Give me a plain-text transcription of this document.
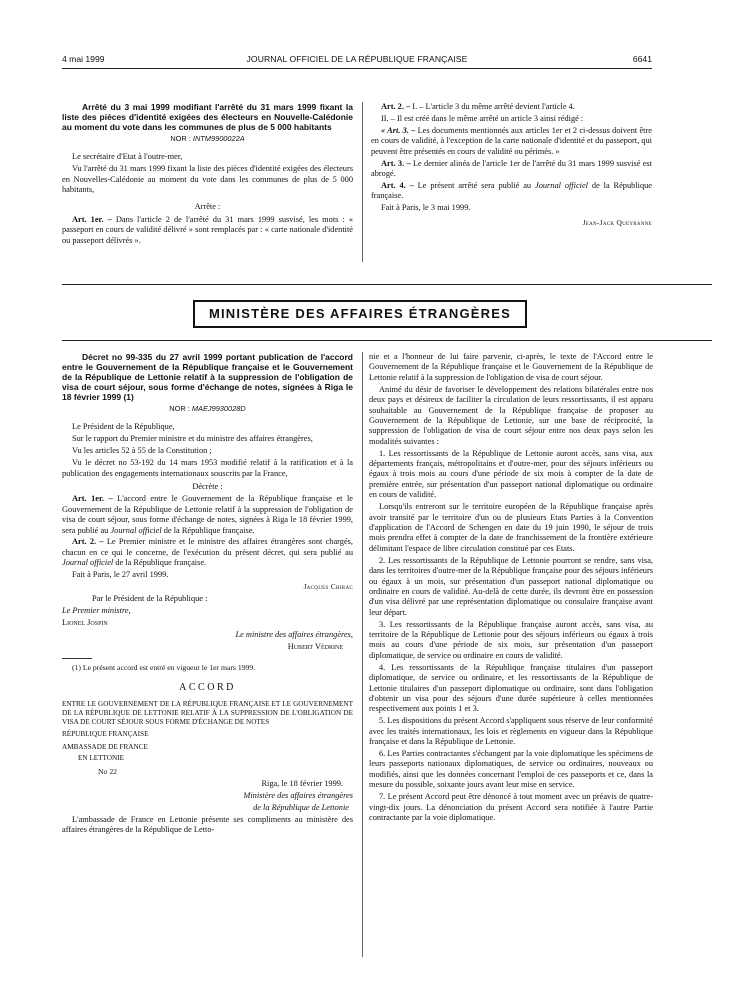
4 mai 1999	JOURNAL OFFICIEL DE LA RÉPUBLIQUE FRANÇAISE	6641

Arrêté du 3 mai 1999 modifiant l'arrêté du 31 mars 1999 fixant la liste des pièces d'identité exigées des électeurs en Nouvelle-Calédonie au moment du vote dans les communes de plus de 5 000 habitants

NOR : INTM9900022A

Le secrétaire d'Etat à l'outre-mer,

Vu l'arrêté du 31 mars 1999 fixant la liste des pièces d'identité exigées des électeurs en Nouvelles-Calédonie au moment du vote dans les communes de plus de 5 000 habitants,

Arrête :

Art. 1er. – Dans l'article 2 de l'arrêté du 31 mars 1999 susvisé, les mots : « passeport en cours de validité délivré » sont remplacés par : « carte nationale d'identité ou passeport délivrés ».

Art. 2. – I. – L'article 3 du même arrêté devient l'article 4.

II. – Il est créé dans le même arrêté un article 3 ainsi rédigé :

« Art. 3. – Les documents mentionnés aux articles 1er et 2 ci-dessus doivent être en cours de validité, à l'exception de la carte nationale d'identité et du passeport, qui peuvent être présentés en cours de validité ou périmés. »

Art. 3. – Le dernier alinéa de l'article 1er de l'arrêté du 31 mars 1999 susvisé est abrogé.

Art. 4. – Le présent arrêté sera publié au Journal officiel de la République française.

Fait à Paris, le 3 mai 1999.

Jean-Jack Queyranne

MINISTÈRE DES AFFAIRES ÉTRANGÈRES

Décret no 99-335 du 27 avril 1999 portant publication de l'accord entre le Gouvernement de la République française et le Gouvernement de la République de Lettonie relatif à la suppression de l'obligation de visa de court séjour, sous forme d'échange de notes, signées à Riga le 18 février 1999 (1)

NOR : MAEJ9930028D

Le Président de la République,

Sur le rapport du Premier ministre et du ministre des affaires étrangères,

Vu les articles 52 à 55 de la Constitution ;

Vu le décret no 53-192 du 14 mars 1953 modifié relatif à la ratification et à la publication des engagements internationaux souscrits par la France,

Décrète :

Art. 1er. – L'accord entre le Gouvernement de la République française et le Gouvernement de la République de Lettonie relatif à la suppression de l'obligation de visa de court séjour, sous forme d'échange de notes, signées à Riga le 18 février 1999, sera publié au Journal officiel de la République française.

Art. 2. – Le Premier ministre et le ministre des affaires étrangères sont chargés, chacun en ce qui le concerne, de l'exécution du présent décret, qui sera publié au Journal officiel de la République française.

Fait à Paris, le 27 avril 1999.

Jacques Chirac

Par le Président de la République :

Le Premier ministre,

Lionel Jospin

Le ministre des affaires étrangères,

Hubert Védrine

(1) Le présent accord est entré en vigueur le 1er mars 1999.

ACCORD

ENTRE LE GOUVERNEMENT DE LA RÉPUBLIQUE FRANÇAISE ET LE GOUVERNEMENT DE LA RÉPUBLIQUE DE LETTONIE RELATIF À LA SUPPRESSION DE L'OBLIGATION DE VISA DE COURT SÉJOUR SOUS FORME D'ÉCHANGE DE NOTES

RÉPUBLIQUE FRANÇAISE

AMBASSADE DE FRANCE

EN LETTONIE

No 22

Riga, le 18 février 1999.

Ministère des affaires étrangères

de la République de Lettonie

L'ambassade de France en Lettonie présente ses compliments au ministère des affaires étrangères de la République de Letto-

nie et a l'honneur de lui faire parvenir, ci-après, le texte de l'Accord entre le Gouvernement de la République française et le Gouvernement de la République de Lettonie relatif à la suppression de l'obligation de visa de court séjour.

Animé du désir de favoriser le développement des relations bilatérales entre nos deux pays et désireux de faciliter la circulation de leurs ressortissants, il est apparu souhaitable au Gouvernement de la République française de proposer au Gouvernement de la République de Lettonie, sur une base de réciprocité, la suppression de l'obligation de visa de court séjour entre nos deux pays selon les modalités suivantes :

1. Les ressortissants de la République de Lettonie auront accès, sans visa, aux départements français, métropolitains et d'outre-mer, pour des séjours inférieurs ou égaux à trois mois au cours d'une période de six mois à compter de la date de première entrée, sur présentation d'un passeport national diplomatique ou ordinaire en cours de validité.

Lorsqu'ils entreront sur le territoire européen de la République française après avoir transité par le territoire d'un ou de plusieurs Etats Parties à la Convention d'application de l'Accord de Schengen en date du 19 juin 1990, le séjour de trois mois prendra effet à compter de la date de franchissement de la frontière extérieure délimitant l'espace de libre circulation constitué par ces Etats.

2. Les ressortissants de la République de Lettonie pourront se rendre, sans visa, dans les territoires d'outre-mer de la République française pour des séjours inférieurs ou égaux à un mois, sur présentation d'un passeport national diplomatique ou ordinaire en cours de validité. Au-delà de cette durée, ils devront être en possession d'un visa délivré par une représentation diplomatique ou consulaire française avant leur départ.

3. Les ressortissants de la République française auront accès, sans visa, au territoire de la République de Lettonie pour des séjours inférieurs ou égaux à trois mois au cours d'une période de six mois, sur présentation d'un passeport diplomatique, de service ou ordinaire en cours de validité.

4. Les ressortissants de la République française titulaires d'un passeport diplomatique, de service ou ordinaire, et les ressortissants de la République de Lettonie titulaires d'un passeport diplomatique ou ordinaire, sont dans l'obligation d'obtenir un visa pour des séjours d'une durée supérieure à celles mentionnées respectivement aux points 1 et 3.

5. Les dispositions du présent Accord s'appliquent sous réserve de leur conformité avec les traités internationaux, les lois et règlements en vigueur dans la République française et dans la République de Lettonie.

6. Les Parties contractantes s'échangent par la voie diplomatique les spécimens de leurs passeports nationaux diplomatiques, de service ou ordinaires, nouveaux ou modifiés, ainsi que les données concernant l'emploi de ces passeports et ce, dans la mesure du possible, soixante jours avant leur mise en service.

7. Le présent Accord peut être dénoncé à tout moment avec un préavis de quatre-vingt-dix jours. La dénonciation du présent Accord sera notifiée à l'autre Partie contractante par la voie diplomatique.
